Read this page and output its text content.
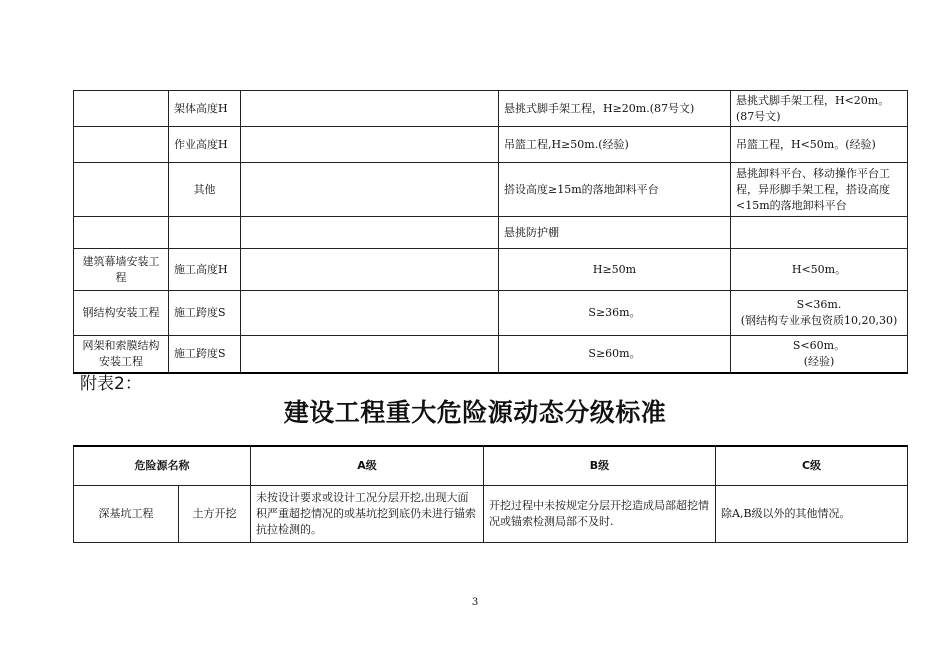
	架体高度H		悬挑式脚手架工程，H≥20m.(87号文)	悬挑式脚手架工程，H<20m。(87号文)
	作业高度H		吊篮工程,H≥50m.(经验)	吊篮工程，H<50m。(经验)
	其他		搭设高度≥15m的落地卸料平台	悬挑卸料平台、移动操作平台工程，异形脚手架工程，搭设高度<15m的落地卸料平台
			悬挑防护棚	
建筑幕墙安装工程	施工高度H		H≥50m	H<50m。
钢结构安装工程	施工跨度S		S≥36m。	S<36m.
(钢结构专业承包资质10,20,30)
网架和索膜结构安装工程	施工跨度S		S≥60m。	S<60m。
(经验)
附表2：
建设工程重大危险源动态分级标准
危险源名称		A级	B级	C级
深基坑工程	土方开挖	未按设计要求或设计工况分层开挖,出现大面积严重超挖情况的或基坑挖到底仍未进行锚索抗拉检测的。	开挖过程中未按规定分层开挖造成局部超挖情况或锚索检测局部不及时.	除A,B级以外的其他情况。
3
